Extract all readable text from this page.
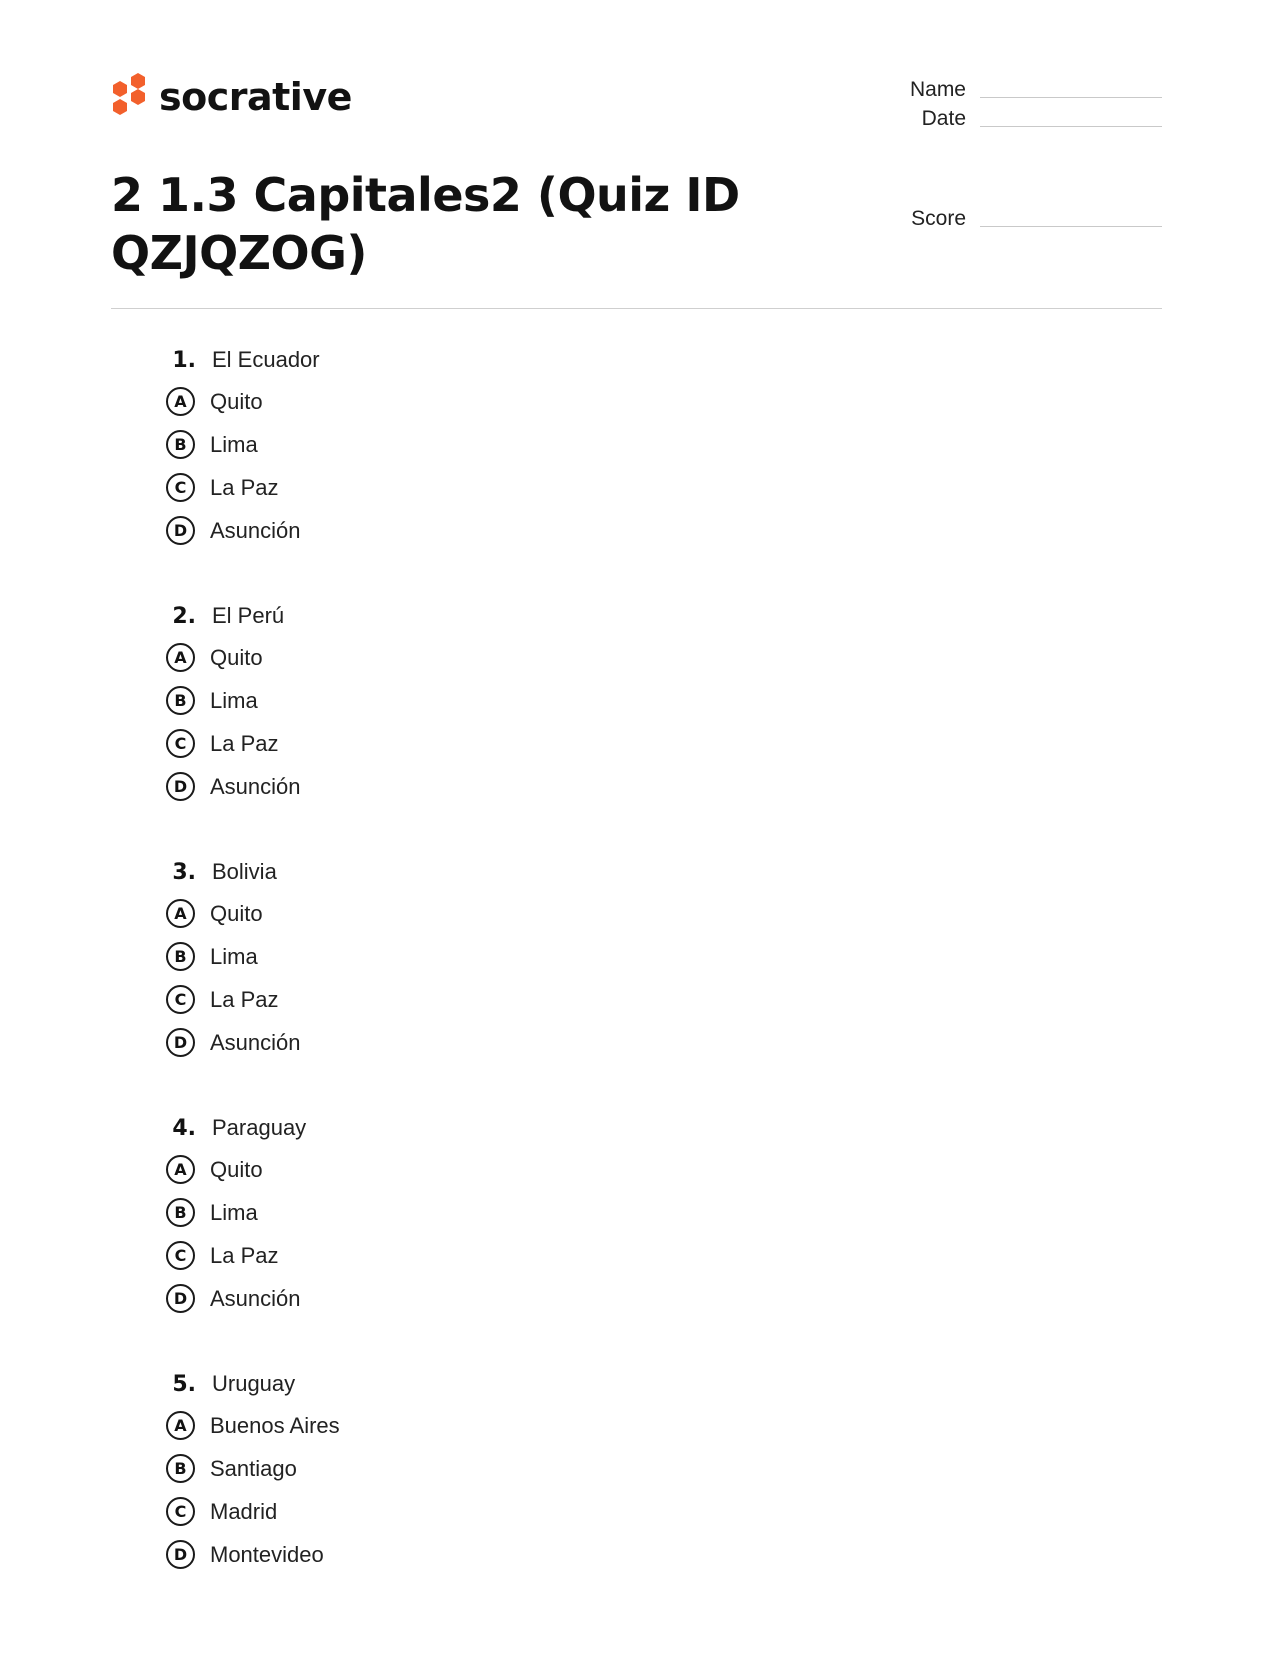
socrative
2 1.3 Capitales2 (Quiz ID QZJQZOG)
Name
Date
Score
1. El Ecuador
A	Quito
B	Lima
C	La Paz
D	Asunción
2. El Perú
A	Quito
B	Lima
C	La Paz
D	Asunción
3. Bolivia
A	Quito
B	Lima
C	La Paz
D	Asunción
4. Paraguay
A	Quito
B	Lima
C	La Paz
D	Asunción
5. Uruguay
A	Buenos Aires
B	Santiago
C	Madrid
D	Montevideo
